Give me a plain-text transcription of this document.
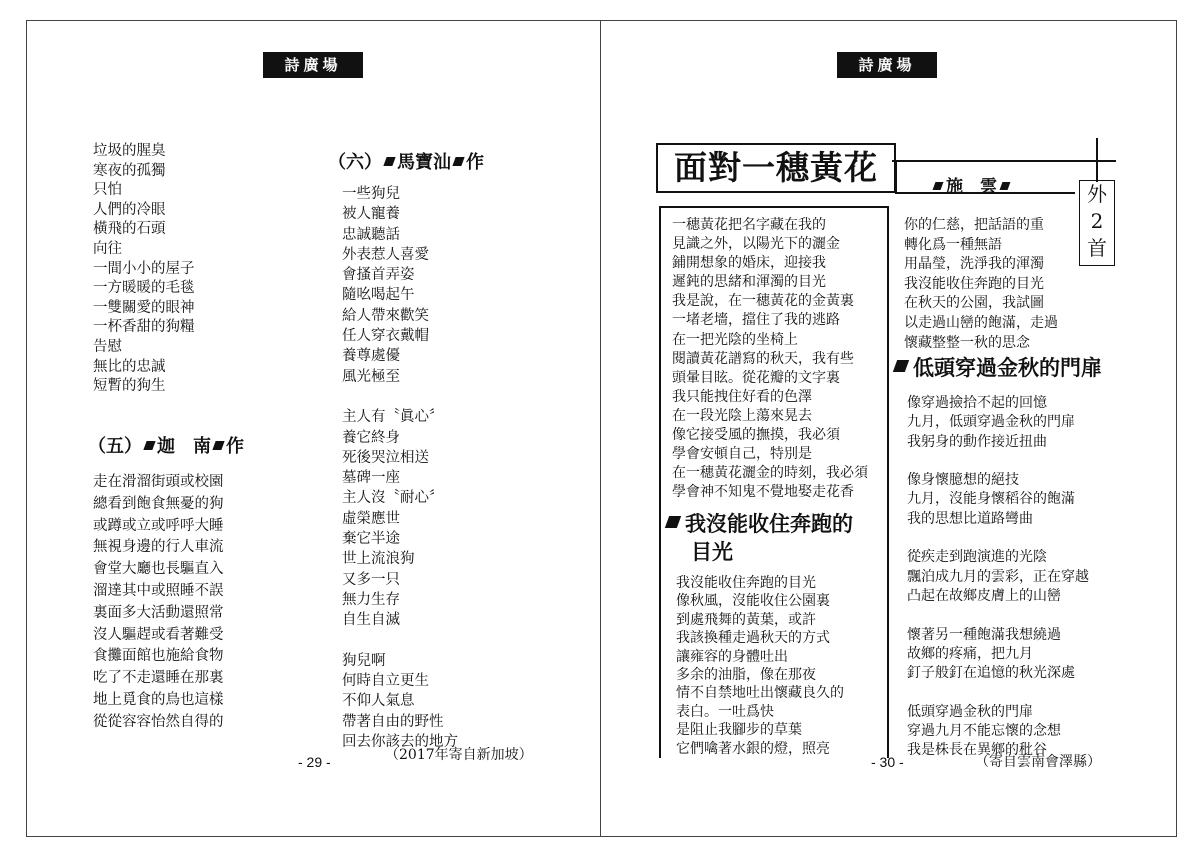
詩廣場
垃圾的腥臭
寒夜的孤獨
只怕
人們的冷眼
橫飛的石頭
向往
一間小小的屋子
一方暖暖的毛毯
一雙關愛的眼神
一杯香甜的狗糧
告慰
無比的忠誠
短暫的狗生
（五） 迦　南 作
走在滑溜街頭或校園
總看到飽食無憂的狗
或蹲或立或呼呼大睡
無視身邊的行人車流
會堂大廳也長驅直入
溜達其中或照睡不誤
裏面多大活動還照常
沒人驅趕或看著難受
食攤面館也施給食物
吃了不走還睡在那裏
地上覓食的鳥也這樣
從從容容怡然自得的
（六） 馬寶汕 作
一些狗兒
被人寵養
忠誠聽話
外表惹人喜愛
會搔首弄姿
隨吆喝起午
給人帶來歡笑
任人穿衣戴帽
養尊處優
風光極至
主人有〝眞心〞
養它終身
死後哭泣相送
墓碑一座
主人沒〝耐心〞
虛榮應世
棄它半途
世上流浪狗
又多一只
無力生存
自生自滅
狗兒啊
何時自立更生
不仰人氣息
帶著自由的野性
回去你該去的地方
（2017年寄自新加坡）
- 29 -
詩廣場
面對一穗黃花	施　雲	外
2
首
一穗黃花把名字藏在我的
見識之外，以陽光下的灑金
鋪開想象的婚床，迎接我
遲鈍的思緒和渾濁的目光
我是說，在一穗黃花的金黃裏
一堵老墻，擋住了我的逃路
在一把光陰的坐椅上
閱讀黃花譜寫的秋天，我有些
頭暈目眩。從花瓣的文字裏
我只能拽住好看的色澤
在一段光陰上蕩來晃去
像它接受風的撫摸，我必須
學會安頓自己，特別是
在一穗黃花灑金的時刻，我必須
學會神不知鬼不覺地娶走花香
我沒能收住奔跑的
目光
我沒能收住奔跑的目光
像秋風，沒能收住公園裏
到處飛舞的黃葉，或許
我該換種走過秋天的方式
讓雍容的身體吐出
多余的油脂，像在那夜
情不自禁地吐出懷藏良久的
表白。一吐爲快
是阻止我腳步的草葉
它們噙著水銀的燈，照亮
你的仁慈，把話語的重
轉化爲一種無語
用晶瑩，洗淨我的渾濁
我沒能收住奔跑的目光
在秋天的公園，我試圖
以走過山巒的飽滿，走過
懷藏整整一秋的思念
低頭穿過金秋的門扉
像穿過撿拾不起的回憶
九月，低頭穿過金秋的門扉
我躬身的動作接近扭曲
像身懷臆想的絕技
九月，沒能身懷稻谷的飽滿
我的思想比道路彎曲
從疾走到跑演進的光陰
飄泊成九月的雲彩，正在穿越
凸起在故鄉皮膚上的山巒
懷著另一種飽滿我想繞過
故鄉的疼痛，把九月
釘子般釘在追憶的秋光深處
低頭穿過金秋的門扉
穿過九月不能忘懷的念想
我是株長在異鄉的秕谷
（寄自雲南會澤縣）
- 30 -
